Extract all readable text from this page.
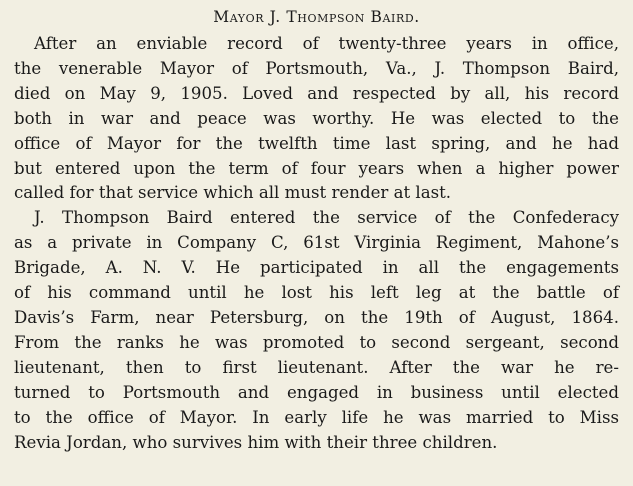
Mayor J. Thompson Baird.

After an enviable record of twenty-three years in office,
the venerable Mayor of Portsmouth, Va., J. Thompson Baird,
died on May 9, 1905. Loved and respected by all, his record
both in war and peace was worthy. He was elected to the
office of Mayor for the twelfth time last spring, and he had
but entered upon the term of four years when a higher power
called for that service which all must render at last.

J. Thompson Baird entered the service of the Confederacy
as a private in Company C, 61st Virginia Regiment, Mahone’s
Brigade, A. N. V. He participated in all the engagements
of his command until he lost his left leg at the battle of
Davis’s Farm, near Petersburg, on the 19th of August, 1864.
From the ranks he was promoted to second sergeant, second
lieutenant, then to first lieutenant. After the war he re-
turned to Portsmouth and engaged in business until elected
to the office of Mayor. In early life he was married to Miss
Revia Jordan, who survives him with their three children.
